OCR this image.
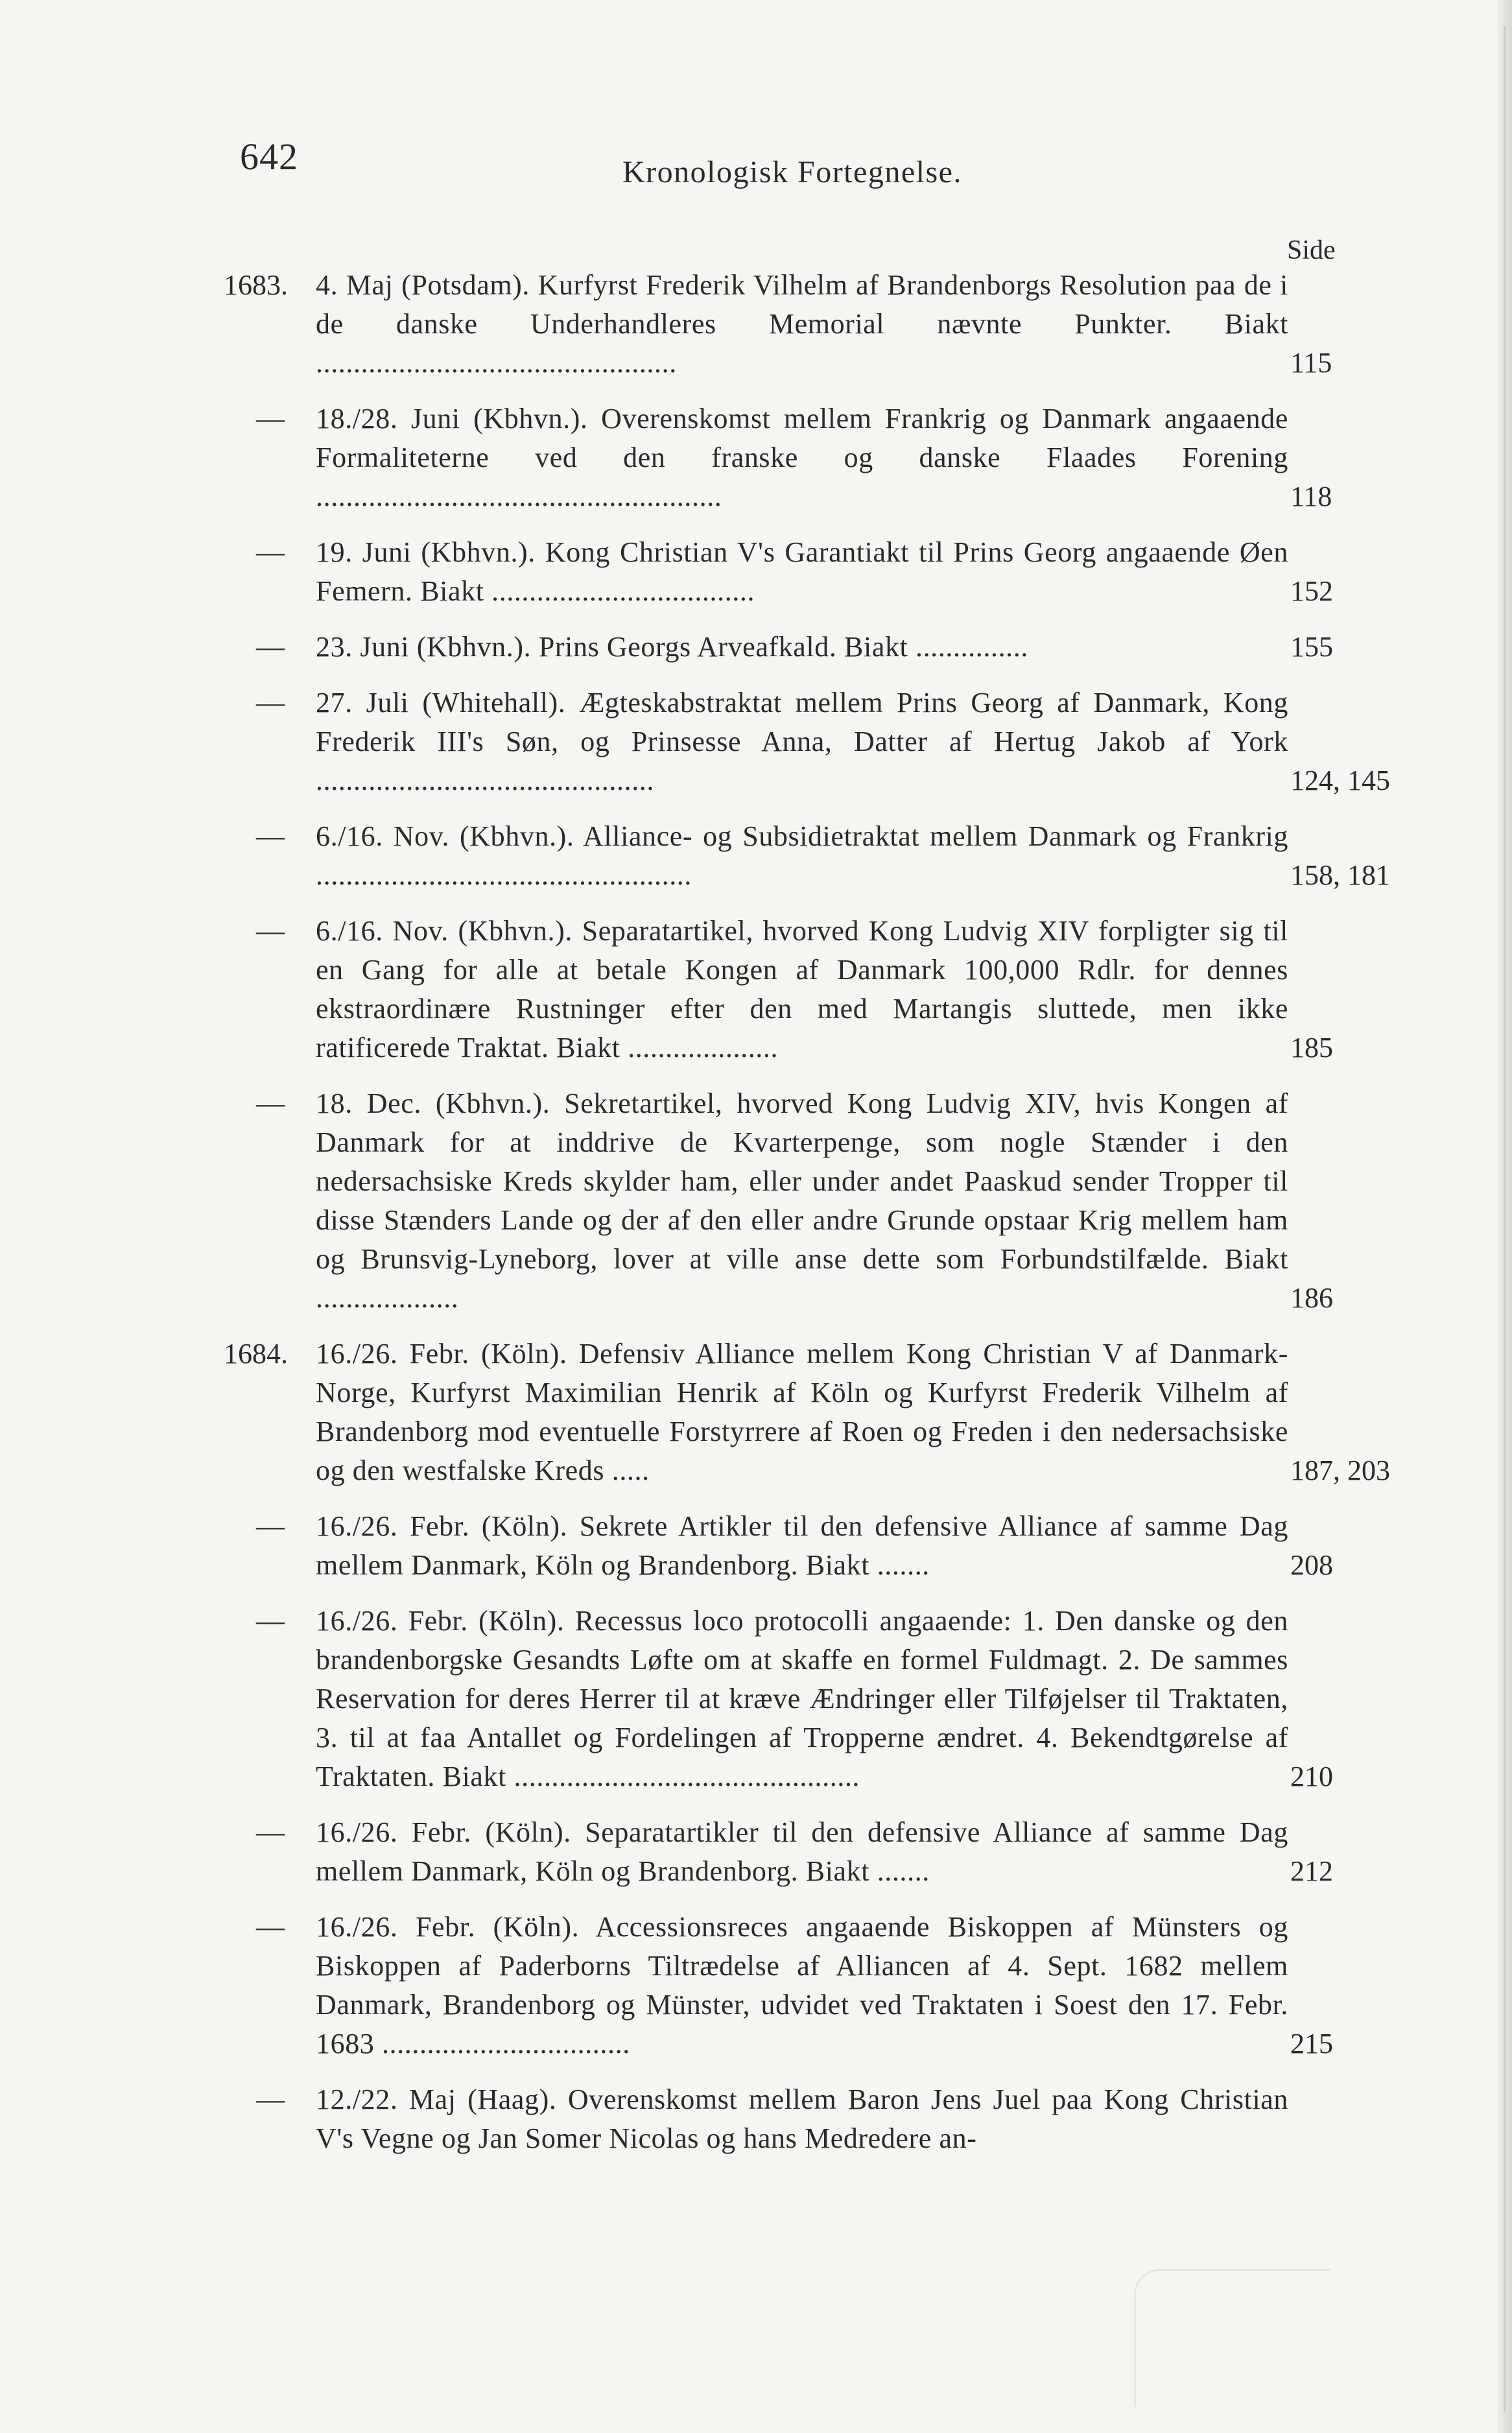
642	Kronologisk Fortegnelse.
Side
1683. 4. Maj (Potsdam). Kurfyrst Frederik Vilhelm af Brandenborgs Resolution paa de i de danske Underhandleres Memorial nævnte Punkter. Biakt ................................................	115
— 18./28. Juni (Kbhvn.). Overenskomst mellem Frankrig og Danmark angaaende Formaliteterne ved den franske og danske Flaades Forening ......................................................	118
— 19. Juni (Kbhvn.). Kong Christian V's Garantiakt til Prins Georg angaaende Øen Femern. Biakt ...................................	152
— 23. Juni (Kbhvn.). Prins Georgs Arveafkald. Biakt ...............	155
— 27. Juli (Whitehall). Ægteskabstraktat mellem Prins Georg af Danmark, Kong Frederik III's Søn, og Prinsesse Anna, Datter af Hertug Jakob af York .............................................	124, 145
— 6./16. Nov. (Kbhvn.). Alliance- og Subsidietraktat mellem Danmark og Frankrig ..................................................	158, 181
— 6./16. Nov. (Kbhvn.). Separatartikel, hvorved Kong Ludvig XIV forpligter sig til en Gang for alle at betale Kongen af Danmark 100,000 Rdlr. for dennes ekstraordinære Rustninger efter den med Martangis sluttede, men ikke ratificerede Traktat. Biakt ....................	185
— 18. Dec. (Kbhvn.). Sekretartikel, hvorved Kong Ludvig XIV, hvis Kongen af Danmark for at inddrive de Kvarterpenge, som nogle Stænder i den nedersachsiske Kreds skylder ham, eller under andet Paaskud sender Tropper til disse Stænders Lande og der af den eller andre Grunde opstaar Krig mellem ham og Brunsvig-Lyneborg, lover at ville anse dette som Forbundstilfælde. Biakt ...................	186
1684. 16./26. Febr. (Köln). Defensiv Alliance mellem Kong Christian V af Danmark-Norge, Kurfyrst Maximilian Henrik af Köln og Kurfyrst Frederik Vilhelm af Brandenborg mod eventuelle Forstyrrere af Roen og Freden i den nedersachsiske og den westfalske Kreds .....	187, 203
— 16./26. Febr. (Köln). Sekrete Artikler til den defensive Alliance af samme Dag mellem Danmark, Köln og Brandenborg. Biakt .......	208
— 16./26. Febr. (Köln). Recessus loco protocolli angaaende: 1. Den danske og den brandenborgske Gesandts Løfte om at skaffe en formel Fuldmagt. 2. De sammes Reservation for deres Herrer til at kræve Ændringer eller Tilføjelser til Traktaten, 3. til at faa Antallet og Fordelingen af Tropperne ændret. 4. Bekendtgørelse af Traktaten. Biakt ..............................................	210
— 16./26. Febr. (Köln). Separatartikler til den defensive Alliance af samme Dag mellem Danmark, Köln og Brandenborg. Biakt .......	212
— 16./26. Febr. (Köln). Accessionsreces angaaende Biskoppen af Münsters og Biskoppen af Paderborns Tiltrædelse af Alliancen af 4. Sept. 1682 mellem Danmark, Brandenborg og Münster, udvidet ved Traktaten i Soest den 17. Febr. 1683 .................................	215
— 12./22. Maj (Haag). Overenskomst mellem Baron Jens Juel paa Kong Christian V's Vegne og Jan Somer Nicolas og hans Medredere an-
